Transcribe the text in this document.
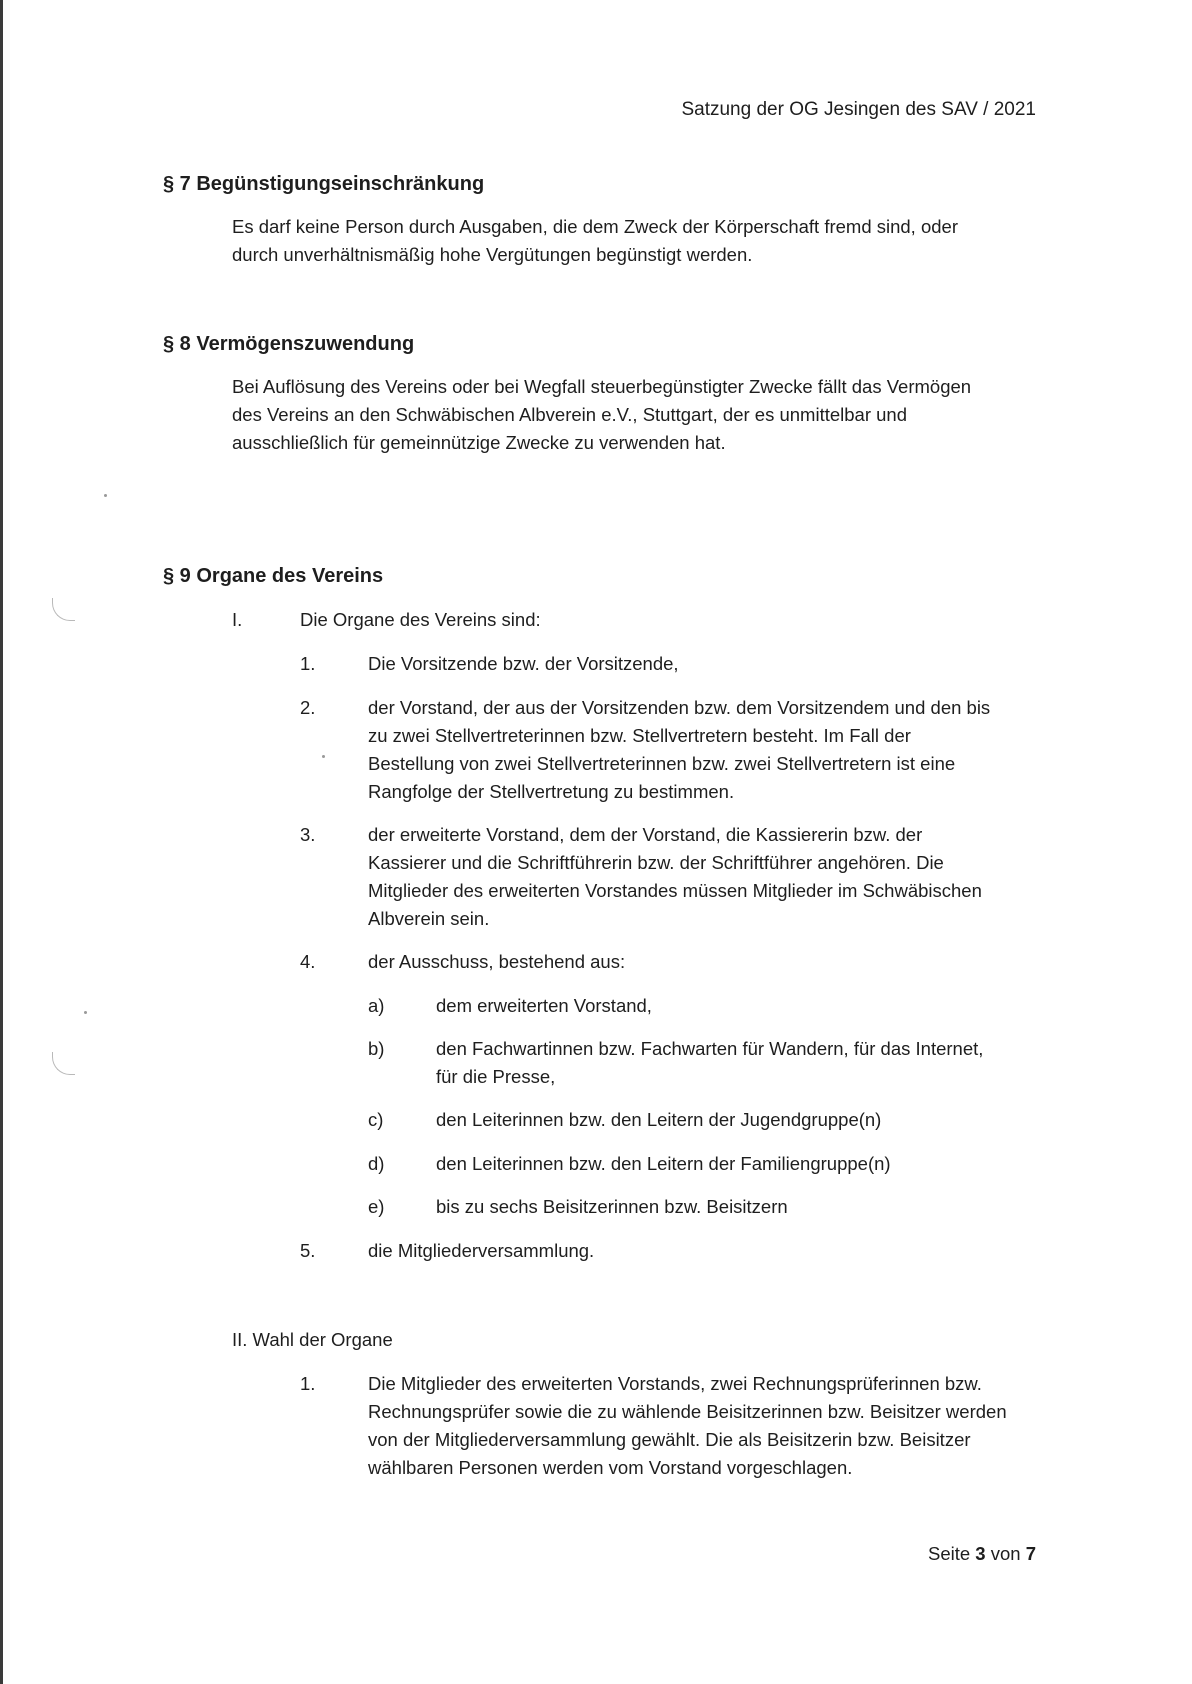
Satzung der OG Jesingen des SAV / 2021
§ 7 Begünstigungseinschränkung
Es darf keine Person durch Ausgaben, die dem Zweck der Körperschaft fremd sind, oder
durch unverhältnismäßig hohe Vergütungen begünstigt werden.
§ 8 Vermögenszuwendung
Bei Auflösung des Vereins oder bei Wegfall steuerbegünstigter Zwecke fällt das Vermögen
des Vereins an den Schwäbischen Albverein e.V., Stuttgart, der es unmittelbar und
ausschließlich für gemeinnützige Zwecke zu verwenden hat.
§ 9 Organe des Vereins
I.	Die Organe des Vereins sind:
1.	Die Vorsitzende bzw. der Vorsitzende,
2.	der Vorstand, der aus der Vorsitzenden bzw. dem Vorsitzendem und den bis
zu zwei Stellvertreterinnen bzw. Stellvertretern besteht. Im Fall der
Bestellung von zwei Stellvertreterinnen bzw. zwei Stellvertretern ist eine
Rangfolge der Stellvertretung zu bestimmen.
3.	der erweiterte Vorstand, dem der Vorstand, die Kassiererin bzw. der
Kassierer und die Schriftführerin bzw. der Schriftführer angehören. Die
Mitglieder des erweiterten Vorstandes müssen Mitglieder im Schwäbischen
Albverein sein.
4.	der Ausschuss, bestehend aus:
a)	dem erweiterten Vorstand,
b)	den Fachwartinnen bzw. Fachwarten für Wandern, für das Internet,
für die Presse,
c)	den Leiterinnen bzw. den Leitern der Jugendgruppe(n)
d)	den Leiterinnen bzw. den Leitern der Familiengruppe(n)
e)	bis zu sechs Beisitzerinnen bzw. Beisitzern
5.	die Mitgliederversammlung.
II. Wahl der Organe
1.	Die Mitglieder des erweiterten Vorstands, zwei Rechnungsprüferinnen bzw.
Rechnungsprüfer sowie die zu wählende Beisitzerinnen bzw. Beisitzer werden
von der Mitgliederversammlung gewählt. Die als Beisitzerin bzw. Beisitzer
wählbaren Personen werden vom Vorstand vorgeschlagen.
Seite 3 von 7
